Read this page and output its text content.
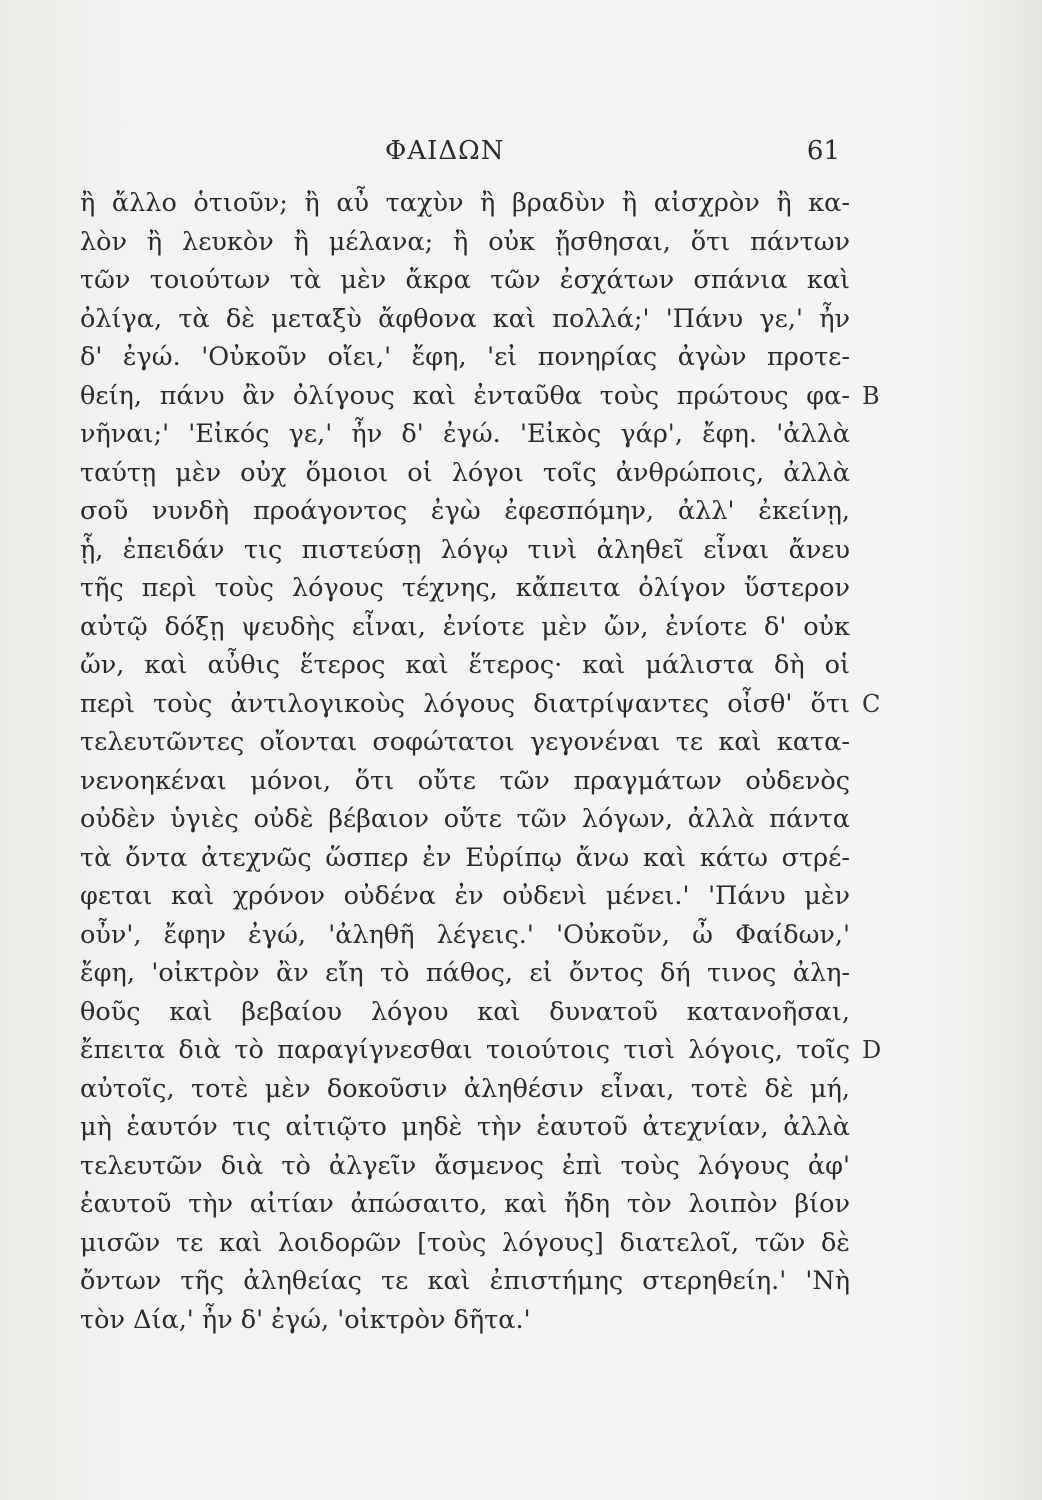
ΦΑΙΔΩΝ	61
ἢ ἄλλο ὁτιοῦν; ἢ αὖ ταχὺν ἢ βραδὺν ἢ αἰσχρὸν ἢ κα-
λὸν ἢ λευκὸν ἢ μέλανα; ἢ οὐκ ᾔσθησαι, ὅτι πάντων
τῶν τοιούτων τὰ μὲν ἄκρα τῶν ἐσχάτων σπάνια καὶ
ὀλίγα, τὰ δὲ μεταξὺ ἄφθονα καὶ πολλά;' 'Πάνυ γε,' ἦν
δ' ἐγώ. 'Οὐκοῦν οἴει,' ἔφη, 'εἰ πονηρίας ἀγὼν προτε-
θείη, πάνυ ἂν ὀλίγους καὶ ἐνταῦθα τοὺς πρώτους φα- B
νῆναι;' 'Εἰκός γε,' ἦν δ' ἐγώ. 'Εἰκὸς γάρ', ἔφη. 'ἀλλὰ
ταύτῃ μὲν οὐχ ὅμοιοι οἱ λόγοι τοῖς ἀνθρώποις, ἀλλὰ
σοῦ νυνδὴ προάγοντος ἐγὼ ἐφεσπόμην, ἀλλ' ἐκείνῃ,
ᾗ, ἐπειδάν τις πιστεύσῃ λόγῳ τινὶ ἀληθεῖ εἶναι ἄνευ
τῆς περὶ τοὺς λόγους τέχνης, κἄπειτα ὀλίγον ὕστερον
αὐτῷ δόξῃ ψευδὴς εἶναι, ἐνίοτε μὲν ὤν, ἐνίοτε δ' οὐκ
ὤν, καὶ αὖθις ἕτερος καὶ ἕτερος· καὶ μάλιστα δὴ οἱ
περὶ τοὺς ἀντιλογικοὺς λόγους διατρίψαντες οἶσθ' ὅτι C
τελευτῶντες οἴονται σοφώτατοι γεγονέναι τε καὶ κατα-
νενοηκέναι μόνοι, ὅτι οὔτε τῶν πραγμάτων οὐδενὸς
οὐδὲν ὑγιὲς οὐδὲ βέβαιον οὔτε τῶν λόγων, ἀλλὰ πάντα
τὰ ὄντα ἀτεχνῶς ὥσπερ ἐν Εὐρίπῳ ἄνω καὶ κάτω στρέ-
φεται καὶ χρόνον οὐδένα ἐν οὐδενὶ μένει.' 'Πάνυ μὲν
οὖν', ἔφην ἐγώ, 'ἀληθῆ λέγεις.' 'Οὐκοῦν, ὦ Φαίδων,'
ἔφη, 'οἰκτρὸν ἂν εἴη τὸ πάθος, εἰ ὄντος δή τινος ἀλη-
θοῦς καὶ βεβαίου λόγου καὶ δυνατοῦ κατανοῆσαι,
ἔπειτα διὰ τὸ παραγίγνεσθαι τοιούτοις τισὶ λόγοις, τοῖς D
αὐτοῖς, τοτὲ μὲν δοκοῦσιν ἀληθέσιν εἶναι, τοτὲ δὲ μή,
μὴ ἑαυτόν τις αἰτιῷτο μηδὲ τὴν ἑαυτοῦ ἀτεχνίαν, ἀλλὰ
τελευτῶν διὰ τὸ ἀλγεῖν ἄσμενος ἐπὶ τοὺς λόγους ἀφ'
ἑαυτοῦ τὴν αἰτίαν ἀπώσαιτο, καὶ ἤδη τὸν λοιπὸν βίον
μισῶν τε καὶ λοιδορῶν [τοὺς λόγους] διατελοῖ, τῶν δὲ
ὄντων τῆς ἀληθείας τε καὶ ἐπιστήμης στερηθείη.' 'Νὴ
τὸν Δία,' ἦν δ' ἐγώ, 'οἰκτρὸν δῆτα.'
